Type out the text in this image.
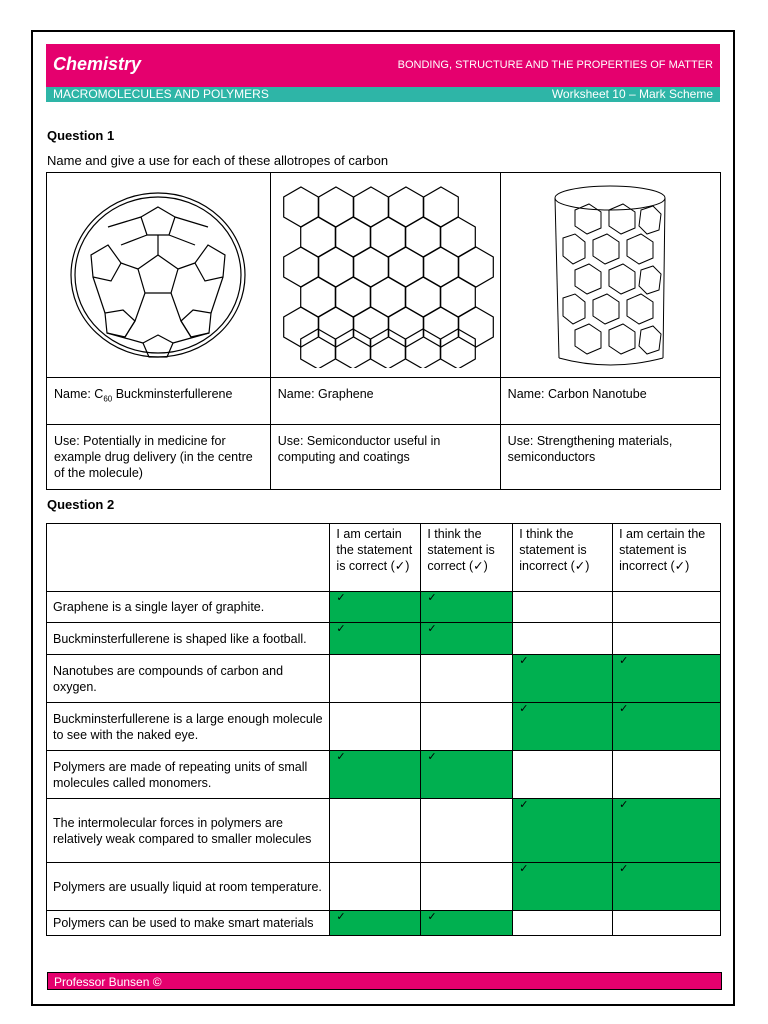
Chemistry	BONDING, STRUCTURE AND THE PROPERTIES OF MATTER
MACROMOLECULES AND POLYMERS	Worksheet 10 – Mark Scheme
Question 1
Name and give a use for each of these allotropes of carbon

Name: $C_{60}$ Buckminsterfullerene	Name: Graphene	Name: Carbon Nanotube
Use: Potentially in medicine for example drug delivery (in the centre of the molecule)	Use: Semiconductor useful in computing and coatings	Use: Strengthening materials, semiconductors
Question 2
	I am certain the statement is correct (✓)	I think the statement is correct (✓)	I think the statement is incorrect (✓)	I am certain the statement is incorrect (✓)
Graphene is a single layer of graphite.	✓	✓		

Buckminsterfullerene is shaped like a football.	✓	✓		

Nanotubes are compounds of carbon and oxygen.			✓	✓

Buckminsterfullerene is a large enough molecule to see with the naked eye.			✓	✓

Polymers are made of repeating units of small molecules called monomers.	✓	✓		

The intermolecular forces in polymers are relatively weak compared to smaller molecules			✓	✓

Polymers are usually liquid at room temperature.			✓	✓

Polymers can be used to make smart materials	✓	✓		

Professor Bunsen ©
